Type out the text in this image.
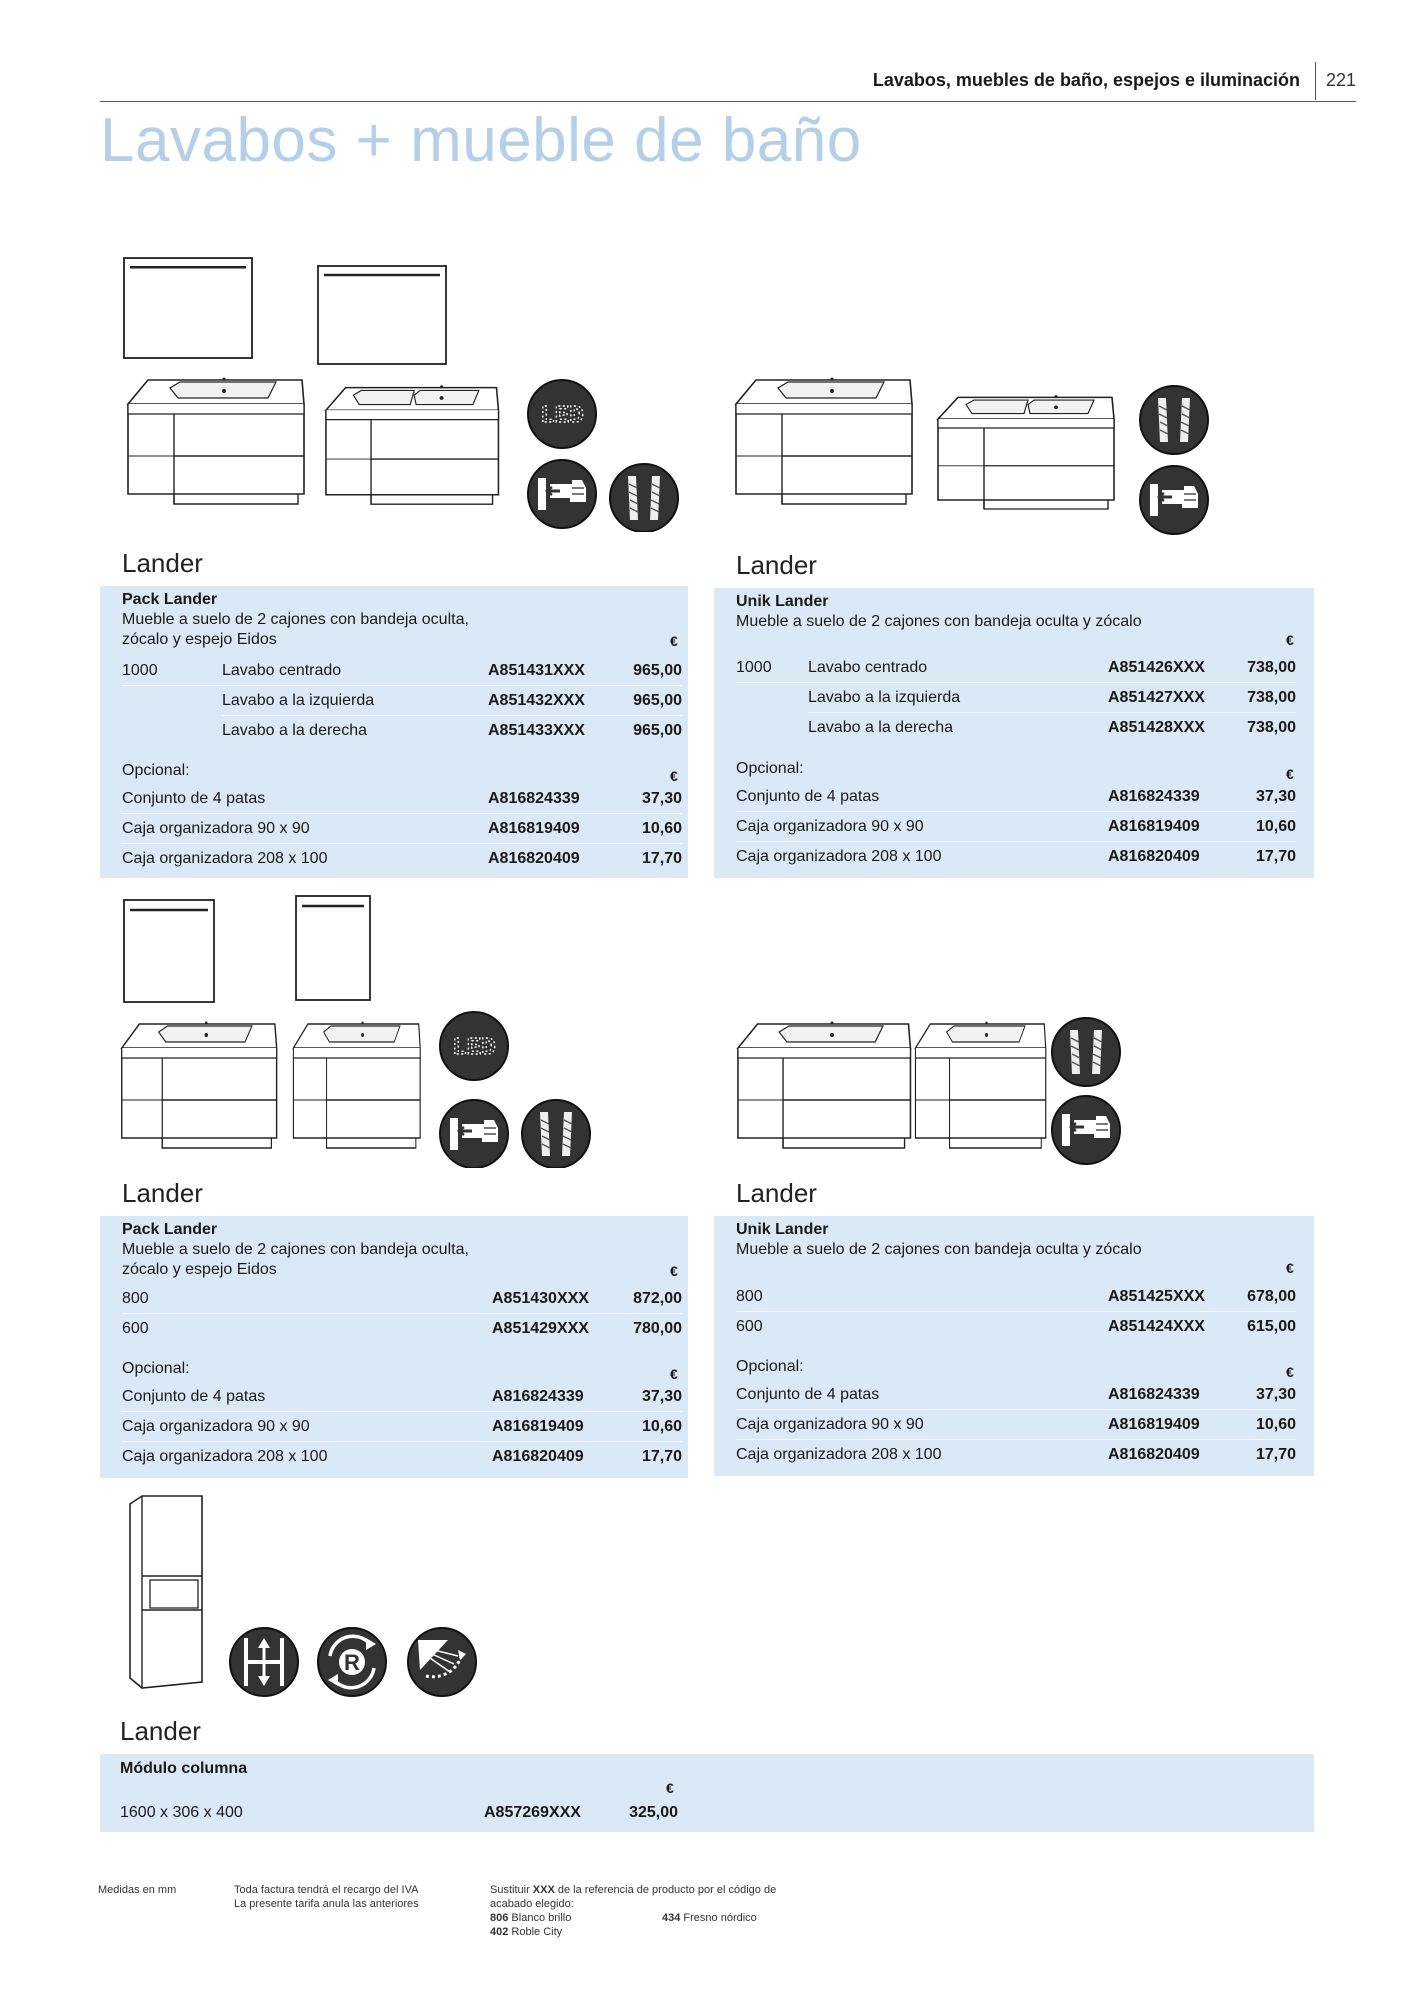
Lavabos, muebles de baño, espejos e iluminación 221
Lavabos + mueble de baño
R
Lander
Pack Lander
Mueble a suelo de 2 cajones con bandeja oculta,
zócalo y espejo Eidos	€
1000	Lavabo centrado	A851431XXX	965,00
Lavabo a la izquierda	A851432XXX	965,00
Lavabo a la derecha	A851433XXX	965,00
Opcional:	€
Conjunto de 4 patas	A816824339	37,30
Caja organizadora 90 x 90	A816819409	10,60
Caja organizadora 208 x 100	A816820409	17,70
Lander
Unik Lander
Mueble a suelo de 2 cajones con bandeja oculta y zócalo
€
1000 Lavabo centrado	A851426XXX	738,00
Lavabo a la izquierda	A851427XXX	738,00
Lavabo a la derecha	A851428XXX	738,00
Opcional:	€
Conjunto de 4 patas	A816824339	37,30
Caja organizadora 90 x 90	A816819409	10,60
Caja organizadora 208 x 100	A816820409	17,70
Lander
Pack Lander
Mueble a suelo de 2 cajones con bandeja oculta,
zócalo y espejo Eidos	€
800	A851430XXX	872,00
600	A851429XXX	780,00
Opcional:	€
Conjunto de 4 patas	A816824339	37,30
Caja organizadora 90 x 90	A816819409	10,60
Caja organizadora 208 x 100	A816820409	17,70
Lander
Unik Lander
Mueble a suelo de 2 cajones con bandeja oculta y zócalo
€
800	A851425XXX	678,00
600	A851424XXX	615,00
Opcional:	€
Conjunto de 4 patas	A816824339	37,30
Caja organizadora 90 x 90	A816819409	10,60
Caja organizadora 208 x 100	A816820409	17,70
Lander
Módulo columna
€
1600 x 306 x 400	A857269XXX	325,00
Medidas en mm	Toda factura tendrá el recargo del IVA
La presente tarifa anula las anteriores
Sustituir XXX de la referencia de producto por el código de
acabado elegido:
806 Blanco brillo
402 Roble City
434 Fresno nórdico
